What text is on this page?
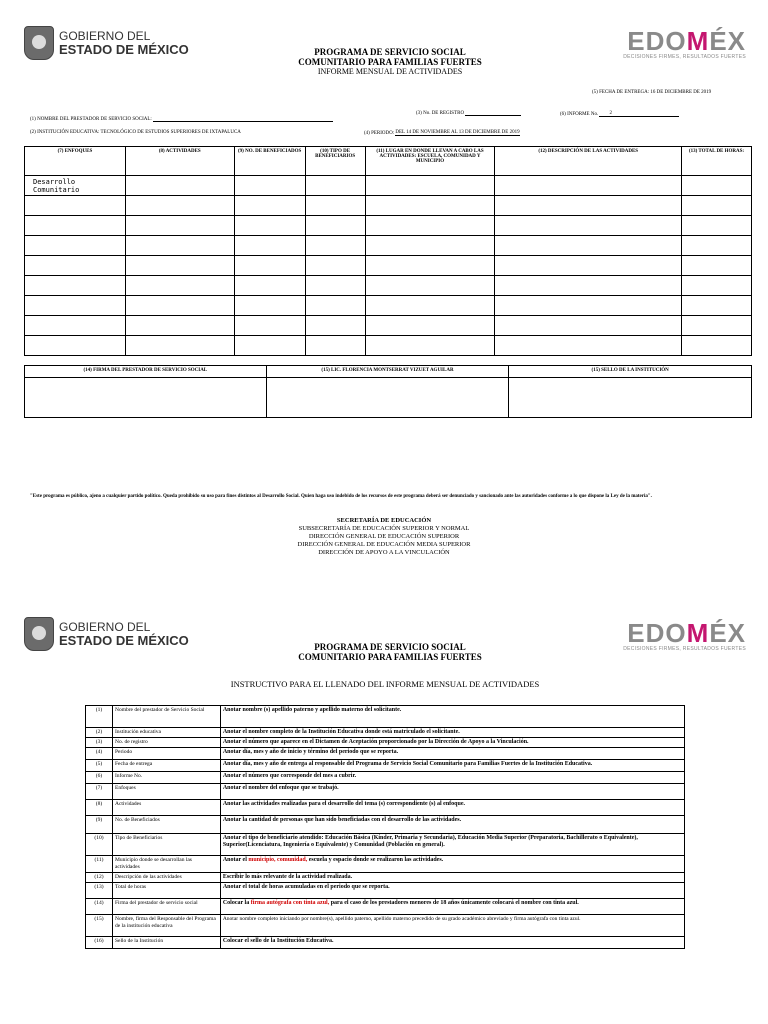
GOBIERNO DEL
ESTADO DE MÉXICO	EDOMÉX
DECISIONES FIRMES, RESULTADOS FUERTES
PROGRAMA DE SERVICIO SOCIAL
COMUNITARIO PARA FAMILIAS FUERTES
INFORME MENSUAL DE ACTIVIDADES
(5) FECHA DE ENTREGA: 16 DE DICIEMBRE DE 2019
(3) No. DE REGISTRO	(6) INFORME No. 2
(1) NOMBRE DEL PRESTADOR DE SERVICIO SOCIAL:
(2) INSTITUCIÓN EDUCATIVA: TECNOLÓGICO DE ESTUDIOS SUPERIORES DE IXTAPALUCA	(4) PERIODO: DEL 14 DE NOVIEMBRE AL 13 DE DICIEMBRE DE 2019
(7) ENFOQUES	(8) ACTIVIDADES	(9) NO. DE BENEFICIADOS	(10) TIPO DE BENEFICIARIOS	(11) LUGAR EN DONDE LLEVAN A CABO LAS ACTIVIDADES: ESCUELA, COMUNIDAD Y MUNICIPIO	(12) DESCRIPCIÓN DE LAS ACTIVIDADES	(13) TOTAL DE HORAS:
Desarrollo Comunitario						

(14) FIRMA DEL PRESTADOR DE SERVICIO SOCIAL	(15) LIC. FLORENCIA MONTSERRAT VIZUET AGUILAR	(15) SELLO DE LA INSTITUCIÓN

"Este programa es público, ajeno a cualquier partido político. Queda prohibido su uso para fines distintos al Desarrollo Social. Quien haga uso indebido de los recursos de este programa deberá ser denunciado y sancionado ante las autoridades conforme a lo que dispone la Ley de la materia".
SECRETARÍA DE EDUCACIÓN
SUBSECRETARÍA DE EDUCACIÓN SUPERIOR Y NORMAL
DIRECCIÓN GENERAL DE EDUCACIÓN SUPERIOR
DIRECCIÓN GENERAL DE EDUCACIÓN MEDIA SUPERIOR
DIRECCIÓN DE APOYO A LA VINCULACIÓN
GOBIERNO DEL
ESTADO DE MÉXICO	EDOMÉX
DECISIONES FIRMES, RESULTADOS FUERTES
PROGRAMA DE SERVICIO SOCIAL
COMUNITARIO PARA FAMILIAS FUERTES
INSTRUCTIVO PARA EL LLENADO DEL INFORME MENSUAL DE ACTIVIDADES
(1)	Nombre del prestador de Servicio Social	Anotar nombre (s) apellido paterno y apellido materno del solicitante.
(2)	Institución educativa	Anotar el nombre completo de la Institución Educativa donde está matriculado el solicitante.
(3)	No. de registro	Anotar el número que aparece en el Dictamen de Aceptación proporcionado por la Dirección de Apoyo a la Vinculación.
(4)	Periodo	Anotar día, mes y año de inicio y término del periodo que se reporta.
(5)	Fecha de entrega	Anotar día, mes y año de entrega al responsable del Programa de Servicio Social Comunitario para Familias Fuertes de la Institución Educativa.
(6)	Informe No.	Anotar el número que corresponde del mes a cubrir.
(7)	Enfoques	Anotar el nombre del enfoque que se trabajó.
(8)	Actividades	Anotar las actividades realizadas para el desarrollo del tema (s) correspondiente (s) al enfoque.
(9)	No. de Beneficiados	Anotar la cantidad de personas que han sido beneficiadas con el desarrollo de las actividades.
(10)	Tipo de Beneficiarios	Anotar el tipo de beneficiario atendido: Educación Básica (Kínder, Primaria y Secundaria), Educación Media Superior (Preparatoria, Bachillerato o Equivalente), Superior(Licenciatura, Ingeniería o Equivalente) y Comunidad (Población en general).
(11)	Municipio donde se desarrollan las actividades	Anotar el municipio, comunidad, escuela y espacio donde se realizaron las actividades.
(12)	Descripción de las actividades	Escribir lo más relevante de la actividad realizada.
(13)	Total de horas	Anotar el total de horas acumuladas en el periodo que se reporta.
(14)	Firma del prestador de servicio social	Colocar la firma autógrafa con tinta azul, para el caso de los prestadores menores de 18 años únicamente colocará el nombre con tinta azul.
(15)	Nombre, firma del Responsable del Programa de la institución educativa	Anotar nombre completo iniciando por nombre(s), apellido paterno, apellido materno precedido de su grado académico abreviado y firma autógrafa con tinta azul.
(16)	Sello de la Institución	Colocar el sello de la Institución Educativa.
